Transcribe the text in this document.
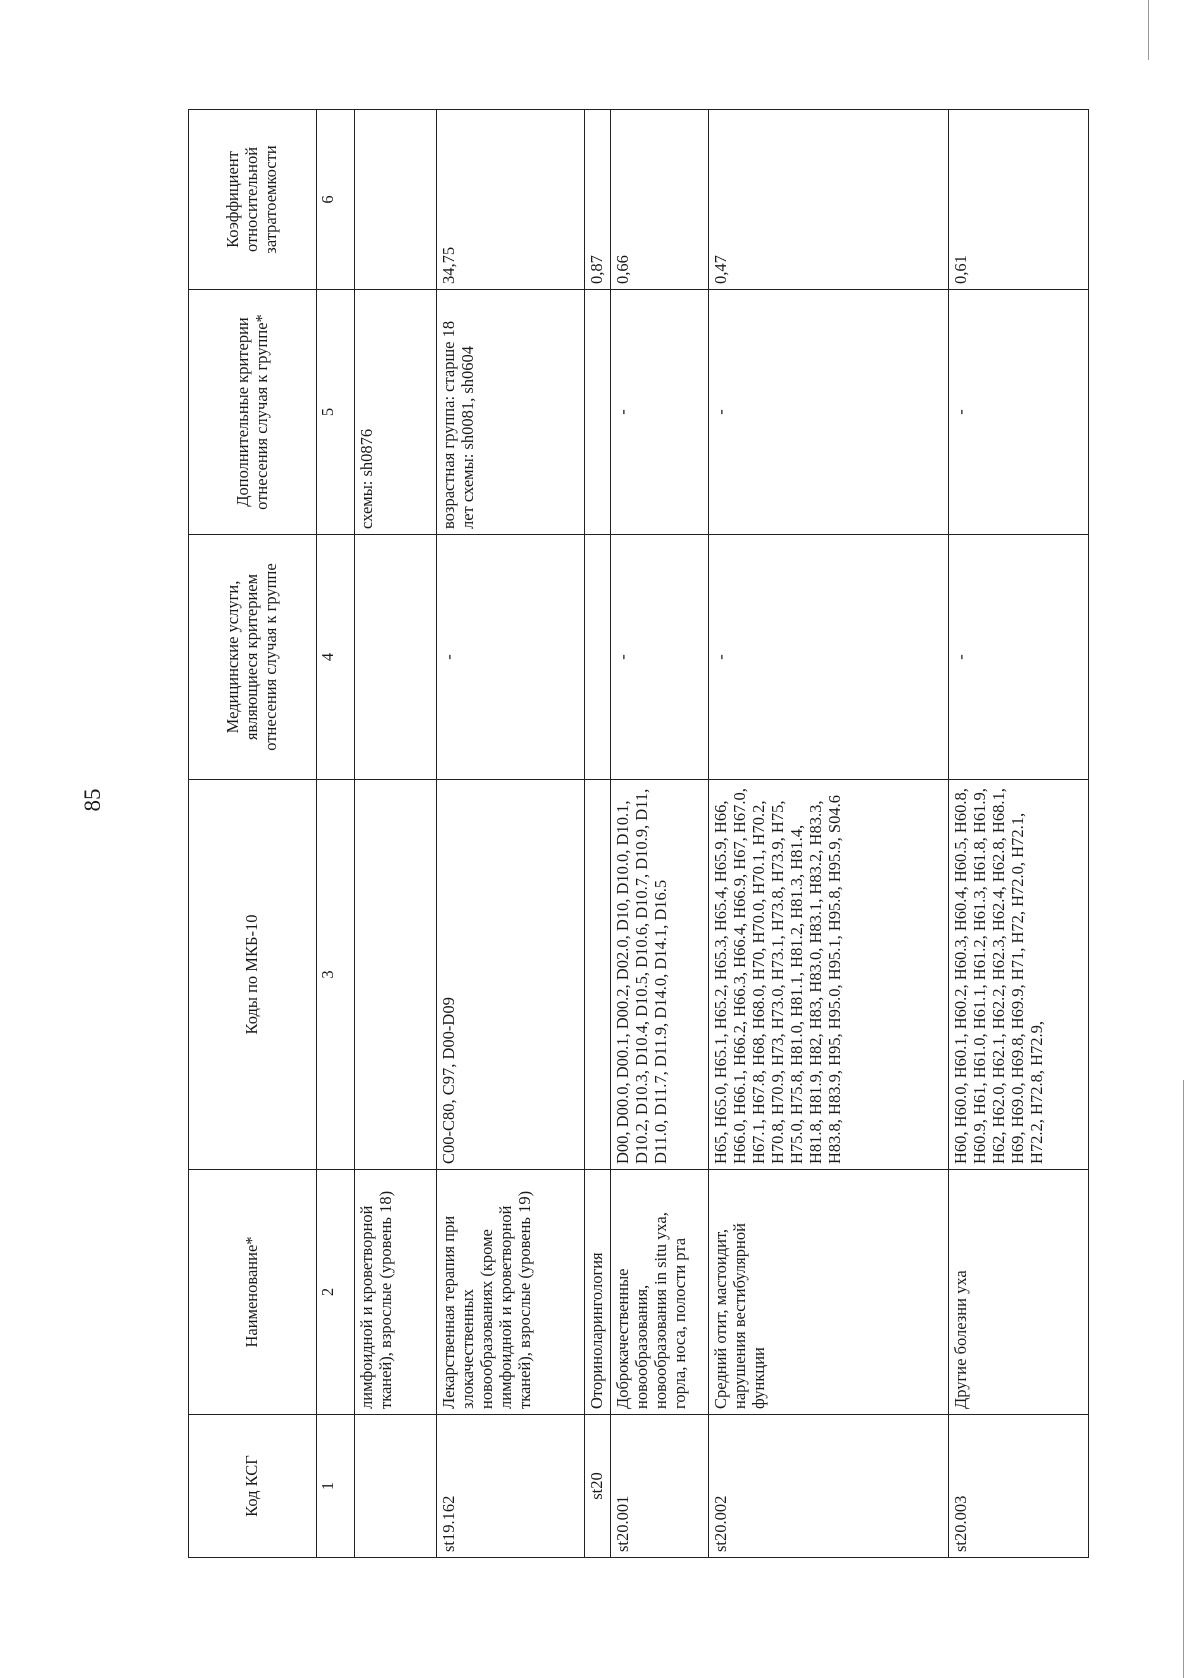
85
Код КСГ	Наименование*	Коды по МКБ-10	Медицинские услуги, являющиеся критерием отнесения случая к группе	Дополнительные критерии отнесения случая к группе*	Коэффициент относительной затратоемкости
1	2	3	4	5	6
	лимфоидной и кроветворной тканей), взрослые (уровень 18)			схемы: sh0876	
st19.162	Лекарственная терапия при злокачественных новообразованиях (кроме лимфоидной и кроветворной тканей), взрослые (уровень 19)	C00-C80, C97, D00-D09	-	возрастная группа: старше 18 лет схемы: sh0081, sh0604	34,75
st20	Оториноларингология				0,87
st20.001	Доброкачественные новообразования, новообразования in situ уха, горла, носа, полости рта	D00, D00.0, D00.1, D00.2, D02.0, D10, D10.0, D10.1, D10.2, D10.3, D10.4, D10.5, D10.6, D10.7, D10.9, D11, D11.0, D11.7, D11.9, D14.0, D14.1, D16.5	-	-	0,66
st20.002	Средний отит, мастоидит, нарушения вестибулярной функции	H65, H65.0, H65.1, H65.2, H65.3, H65.4, H65.9, H66, H66.0, H66.1, H66.2, H66.3, H66.4, H66.9, H67, H67.0, H67.1, H67.8, H68, H68.0, H70, H70.0, H70.1, H70.2, H70.8, H70.9, H73, H73.0, H73.1, H73.8, H73.9, H75, H75.0, H75.8, H81.0, H81.1, H81.2, H81.3, H81.4, H81.8, H81.9, H82, H83, H83.0, H83.1, H83.2, H83.3, H83.8, H83.9, H95, H95.0, H95.1, H95.8, H95.9, S04.6	-	-	0,47
st20.003	Другие болезни уха	H60, H60.0, H60.1, H60.2, H60.3, H60.4, H60.5, H60.8, H60.9, H61, H61.0, H61.1, H61.2, H61.3, H61.8, H61.9, H62, H62.0, H62.1, H62.2, H62.3, H62.4, H62.8, H68.1, H69, H69.0, H69.8, H69.9, H71, H72, H72.0, H72.1, H72.2, H72.8, H72.9,	-	-	0,61
